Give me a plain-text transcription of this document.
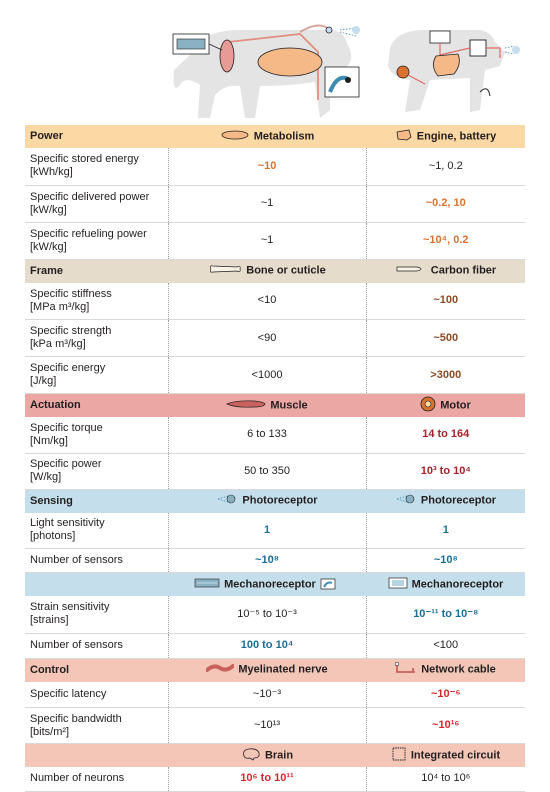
Power	Metabolism	Engine, battery
Specific stored energy
[kWh/kg]	~10	~1, 0.2
Specific delivered power
[kW/kg]	~1	~0.2, 10
Specific refueling power
[kW/kg]	~1	~10⁴, 0.2
Frame	Bone or cuticle	Carbon fiber
Specific stiffness
[MPa m³/kg]	<10	~100
Specific strength
[kPa m³/kg]	<90	~500
Specific energy
[J/kg]	<1000	>3000
Actuation	Muscle	Motor
Specific torque
[Nm/kg]	6 to 133	14 to 164
Specific power
[W/kg]	50 to 350	10³ to 10⁴
Sensing	Photoreceptor	Photoreceptor
Light sensitivity
[photons]	1	1
Number of sensors	~10⁸	~10⁸
	Mechanoreceptor	Mechanoreceptor
Strain sensitivity
[strains]	10⁻⁵ to 10⁻³	10⁻¹¹ to 10⁻⁸
Number of sensors	100 to 10⁴	<100
Control	Myelinated nerve	Network cable
Specific latency	~10⁻³	~10⁻⁶
Specific bandwidth
[bits/m²]	~10¹³	~10¹⁶
	Brain	Integrated circuit
Number of neurons	10⁶ to 10¹¹	10⁴ to 10⁶
